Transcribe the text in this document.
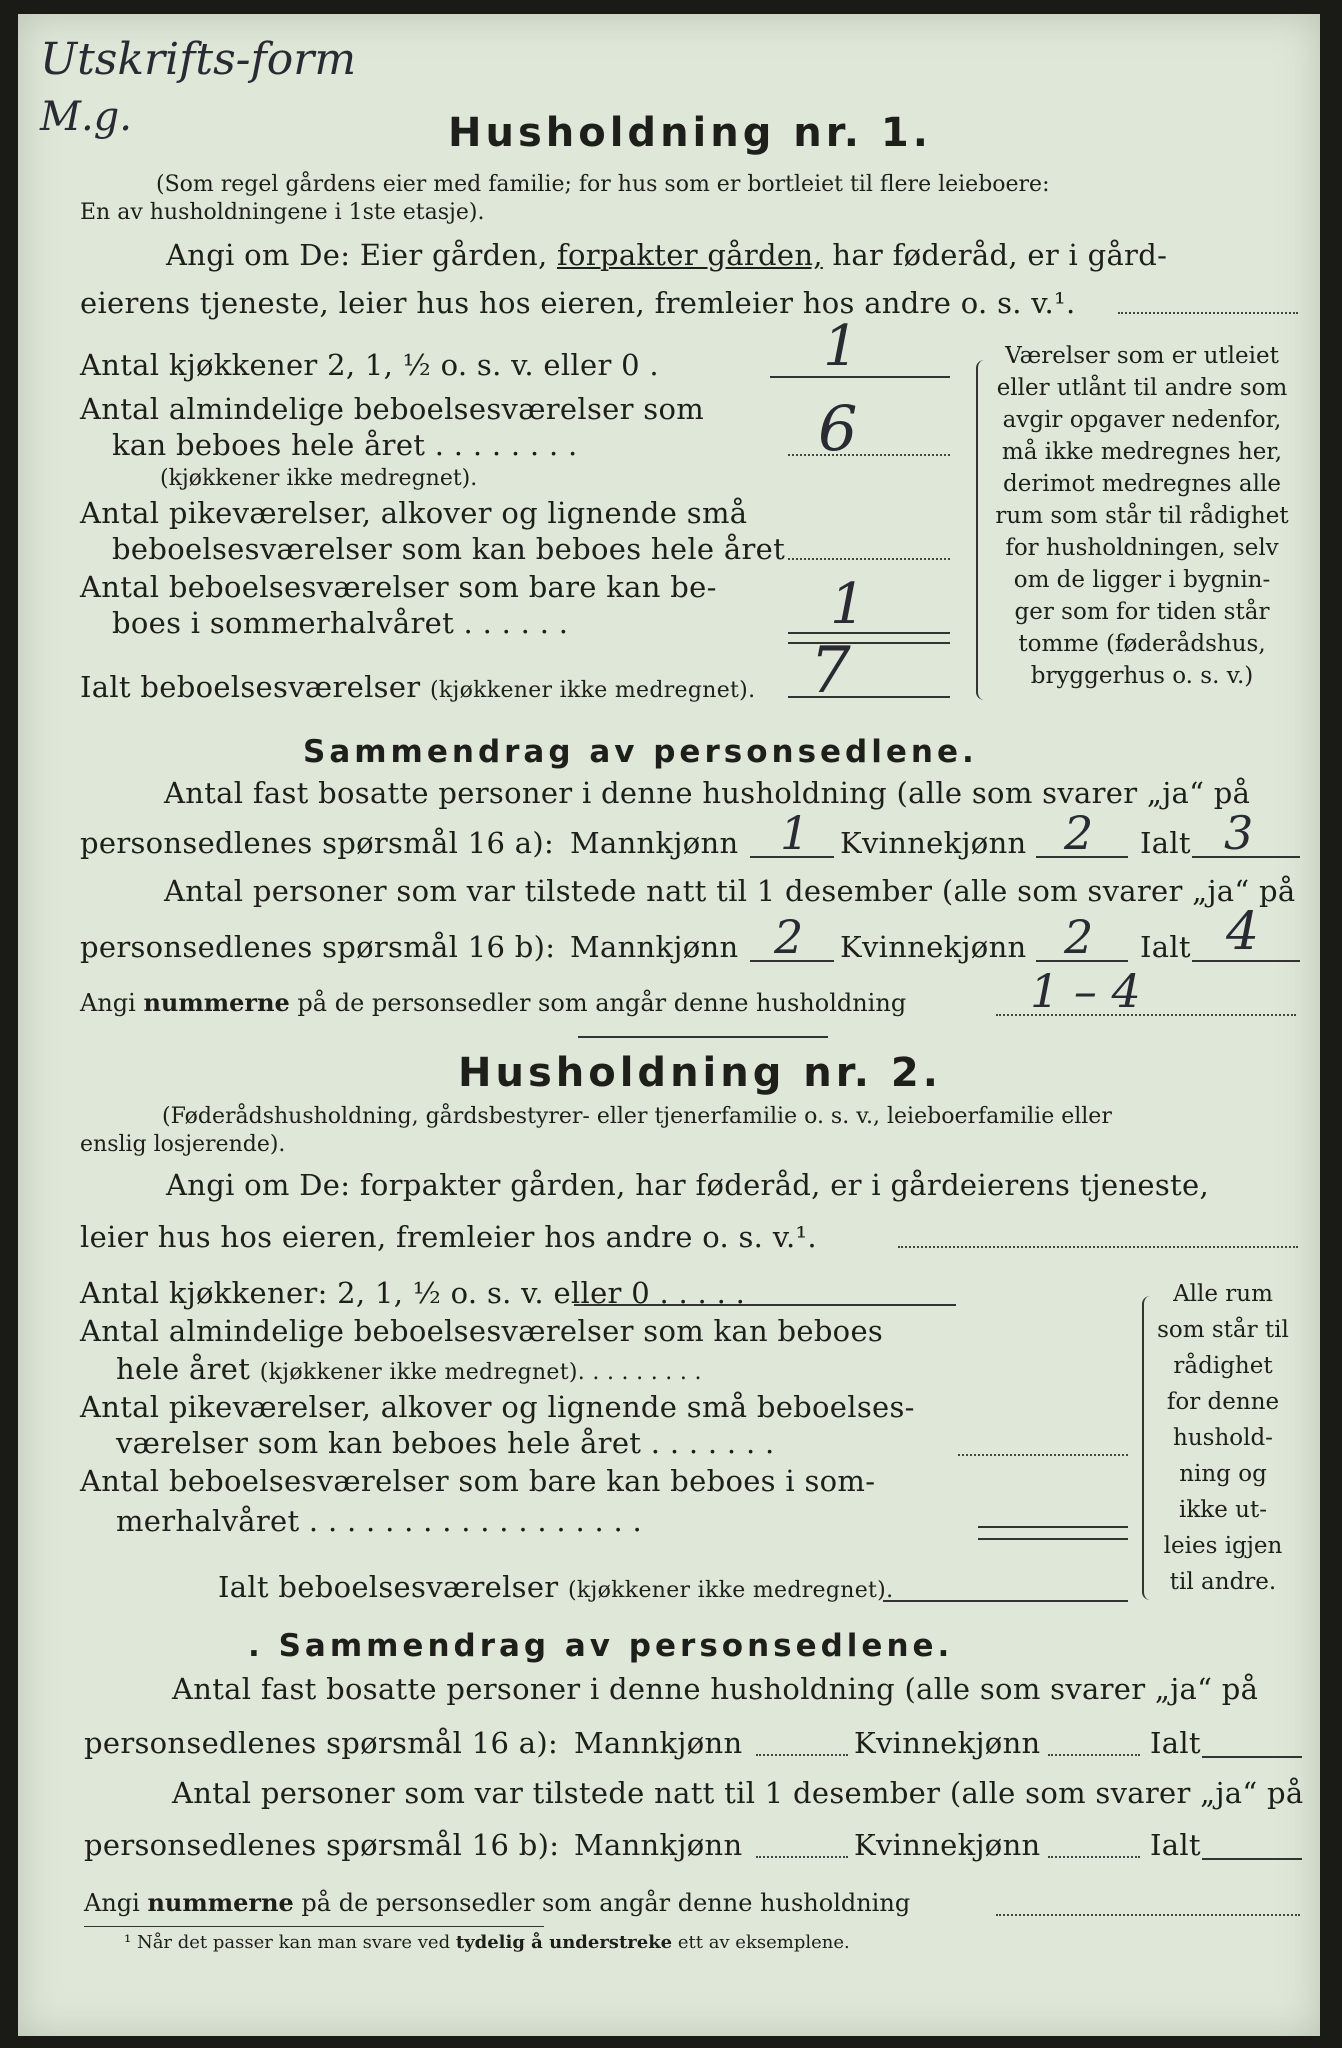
Utskrifts-form
M.g.	Husholdning nr. 1.
(Som regel gårdens eier med familie; for hus som er bortleiet til flere leieboere:
En av husholdningene i 1ste etasje).
Angi om De: Eier gården, forpakter gården, har føderåd, er i gård-
eierens tjeneste, leier hus hos eieren, fremleier hos andre o. s. v.¹.
Antal kjøkkener 2, 1, ½ o. s. v. eller 0 .	1
Antal almindelige beboelsesværelser som
kan beboes hele året . . . . . . . .
(kjøkkener ikke medregnet).
6
Antal pikeværelser, alkover og lignende små
beboelsesværelser som kan beboes hele året
Antal beboelsesværelser som bare kan be-
boes i sommerhalvåret . . . . . .	1
Ialt beboelsesværelser (kjøkkener ikke medregnet). 7
Værelser som er utleiet
eller utlånt til andre som
avgir opgaver nedenfor,
må ikke medregnes her,
derimot medregnes alle
rum som står til rådighet
for husholdningen, selv
om de ligger i bygnin-
ger som for tiden står
tomme (føderådshus,
bryggerhus o. s. v.)
Sammendrag av personsedlene.
Antal fast bosatte personer i denne husholdning (alle som svarer „ja“ på
personsedlenes spørsmål 16 a): Mannkjønn 1 Kvinnekjønn 2 Ialt 3
Antal personer som var tilstede natt til 1 desember (alle som svarer „ja“ på
personsedlenes spørsmål 16 b): Mannkjønn 2 Kvinnekjønn 2 Ialt 4
Angi nummerne på de personsedler som angår denne husholdning	1 – 4
Husholdning nr. 2.
(Føderådshusholdning, gårdsbestyrer- eller tjenerfamilie o. s. v., leieboerfamilie eller
enslig losjerende).
Angi om De: forpakter gården, har føderåd, er i gårdeierens tjeneste,
leier hus hos eieren, fremleier hos andre o. s. v.¹.
Antal kjøkkener: 2, 1, ½ o. s. v. eller 0 . . . . .
Antal almindelige beboelsesværelser som kan beboes
hele året (kjøkkener ikke medregnet). . . . . . . . .
Antal pikeværelser, alkover og lignende små beboelses-
værelser som kan beboes hele året . . . . . . .
Antal beboelsesværelser som bare kan beboes i som-
merhalvåret . . . . . . . . . . . . . . . . . .
Ialt beboelsesværelser (kjøkkener ikke medregnet).
Alle rum
som står til
rådighet
for denne
hushold-
ning og
ikke ut-
leies igjen
til andre.
. Sammendrag av personsedlene.
Antal fast bosatte personer i denne husholdning (alle som svarer „ja“ på
personsedlenes spørsmål 16 a): Mannkjønn	Kvinnekjønn	Ialt
Antal personer som var tilstede natt til 1 desember (alle som svarer „ja“ på
personsedlenes spørsmål 16 b): Mannkjønn	Kvinnekjønn	Ialt
Angi nummerne på de personsedler som angår denne husholdning
¹ Når det passer kan man svare ved tydelig å understreke ett av eksemplene.
